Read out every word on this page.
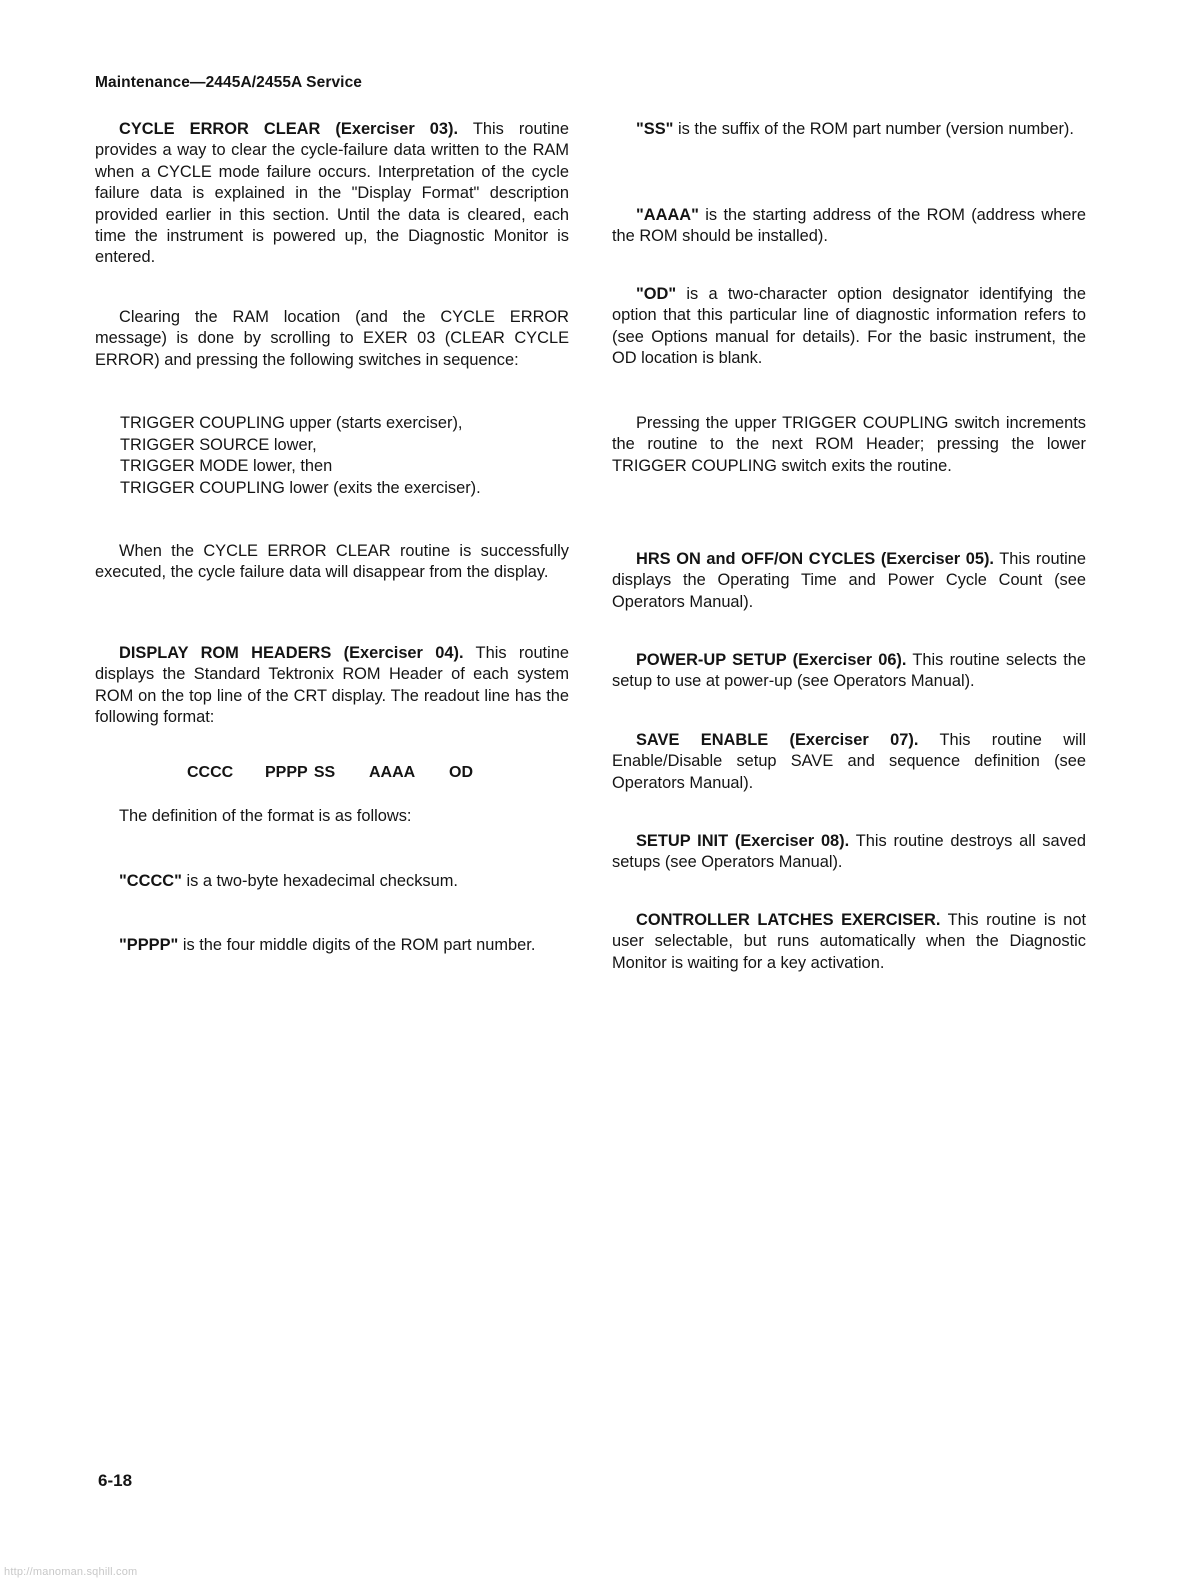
Maintenance—2445A/2455A Service

CYCLE ERROR CLEAR (Exerciser 03). This routine provides a way to clear the cycle-failure data written to the RAM when a CYCLE mode failure occurs. Interpretation of the cycle failure data is explained in the "Display Format" description provided earlier in this section. Until the data is cleared, each time the instrument is powered up, the Diagnostic Monitor is entered.

Clearing the RAM location (and the CYCLE ERROR message) is done by scrolling to EXER 03 (CLEAR CYCLE ERROR) and pressing the following switches in sequence:

TRIGGER COUPLING upper (starts exerciser),
TRIGGER SOURCE lower,
TRIGGER MODE lower, then
TRIGGER COUPLING lower (exits the exerciser).

When the CYCLE ERROR CLEAR routine is successfully executed, the cycle failure data will disappear from the display.

DISPLAY ROM HEADERS (Exerciser 04). This routine displays the Standard Tektronix ROM Header of each system ROM on the top line of the CRT display. The readout line has the following format:

CCCC PPPP SS AAAA OD

The definition of the format is as follows:

"CCCC" is a two-byte hexadecimal checksum.

"PPPP" is the four middle digits of the ROM part number.

"SS" is the suffix of the ROM part number (version number).

"AAAA" is the starting address of the ROM (address where the ROM should be installed).

"OD" is a two-character option designator identifying the option that this particular line of diagnostic information refers to (see Options manual for details). For the basic instrument, the OD location is blank.

Pressing the upper TRIGGER COUPLING switch increments the routine to the next ROM Header; pressing the lower TRIGGER COUPLING switch exits the routine.

HRS ON and OFF/ON CYCLES (Exerciser 05). This routine displays the Operating Time and Power Cycle Count (see Operators Manual).

POWER-UP SETUP (Exerciser 06). This routine selects the setup to use at power-up (see Operators Manual).

SAVE ENABLE (Exerciser 07). This routine will Enable/Disable setup SAVE and sequence definition (see Operators Manual).

SETUP INIT (Exerciser 08). This routine destroys all saved setups (see Operators Manual).

CONTROLLER LATCHES EXERCISER. This routine is not user selectable, but runs automatically when the Diagnostic Monitor is waiting for a key activation.

6-18
http://manoman.sqhill.com
